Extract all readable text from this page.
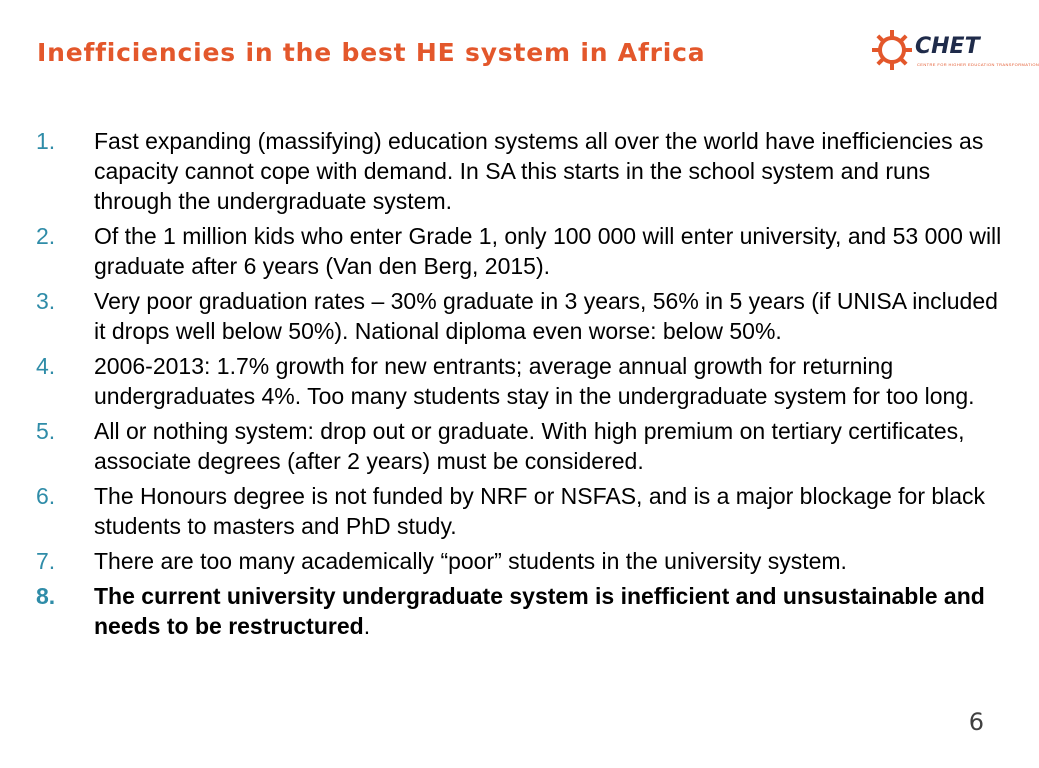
Inefficiencies in the best HE system in Africa	CHET
CENTRE FOR HIGHER EDUCATION TRANSFORMATION
1.	Fast expanding (massifying) education systems all over the world have inefficiencies as capacity cannot cope with demand. In SA this starts in the school system and runs through the undergraduate system.
2.	Of the 1 million kids who enter Grade 1, only 100 000 will enter university, and 53 000 will graduate after 6 years (Van den Berg, 2015).
3.	Very poor graduation rates – 30% graduate in 3 years, 56% in 5 years (if UNISA included it drops well below 50%). National diploma even worse: below 50%.
4.	2006-2013: 1.7% growth for new entrants; average annual growth for returning undergraduates 4%. Too many students stay in the undergraduate system for too long.
5.	All or nothing system: drop out or graduate. With high premium on tertiary certificates, associate degrees (after 2 years) must be considered.
6.	The Honours degree is not funded by NRF or NSFAS, and is a major blockage for black students to masters and PhD study.
7.	There are too many academically “poor” students in the university system.
8.	The current university undergraduate system is inefficient and unsustainable and needs to be restructured.
6
